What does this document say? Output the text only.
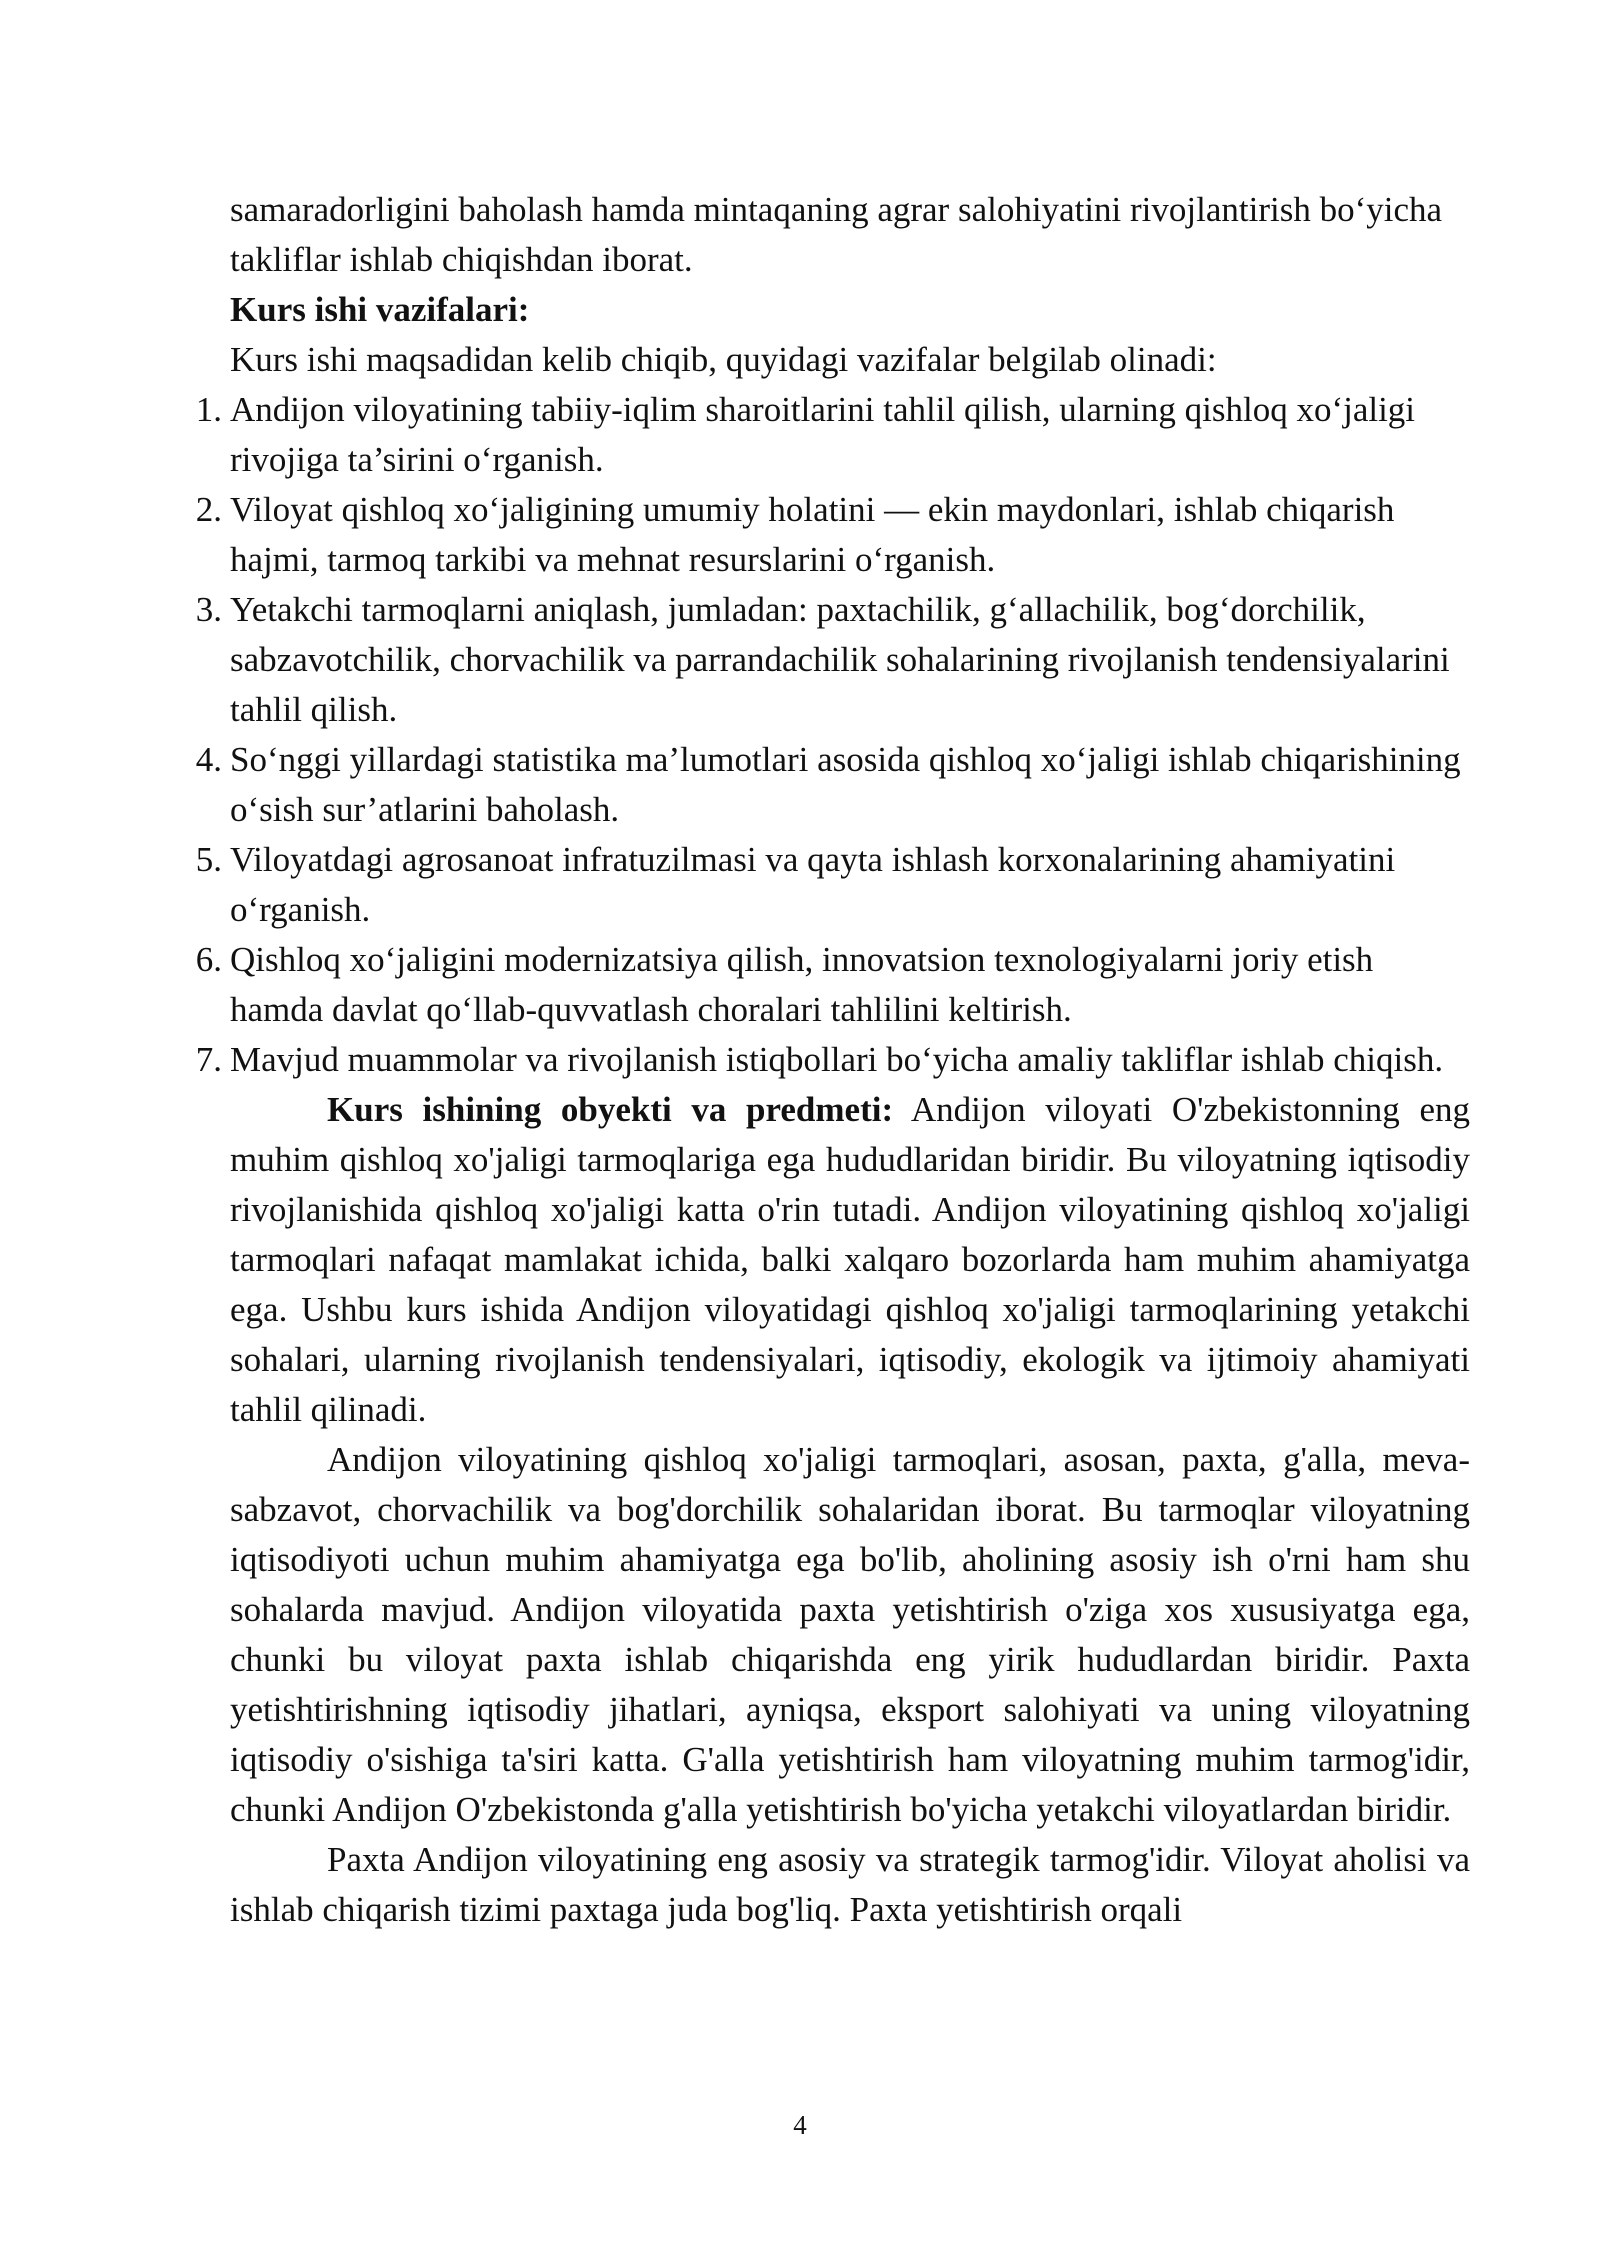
samaradorligini baholash hamda mintaqaning agrar salohiyatini rivojlantirish bo‘yicha takliflar ishlab chiqishdan iborat.

Kurs ishi vazifalari:

Kurs ishi maqsadidan kelib chiqib, quyidagi vazifalar belgilab olinadi:

1. Andijon viloyatining tabiiy-iqlim sharoitlarini tahlil qilish, ularning qishloq xo‘jaligi rivojiga ta’sirini o‘rganish.
2. Viloyat qishloq xo‘jaligining umumiy holatini — ekin maydonlari, ishlab chiqarish hajmi, tarmoq tarkibi va mehnat resurslarini o‘rganish.
3. Yetakchi tarmoqlarni aniqlash, jumladan: paxtachilik, g‘allachilik, bog‘dorchilik, sabzavotchilik, chorvachilik va parrandachilik sohalarining rivojlanish tendensiyalarini tahlil qilish.
4. So‘nggi yillardagi statistika ma’lumotlari asosida qishloq xo‘jaligi ishlab chiqarishining o‘sish sur’atlarini baholash.
5. Viloyatdagi agrosanoat infratuzilmasi va qayta ishlash korxonalarining ahamiyatini o‘rganish.
6. Qishloq xo‘jaligini modernizatsiya qilish, innovatsion texnologiyalarni joriy etish hamda davlat qo‘llab-quvvatlash choralari tahlilini keltirish.
7. Mavjud muammolar va rivojlanish istiqbollari bo‘yicha amaliy takliflar ishlab chiqish.

Kurs ishining obyekti va predmeti: Andijon viloyati O'zbekistonning eng muhim qishloq xo'jaligi tarmoqlariga ega hududlaridan biridir. Bu viloyatning iqtisodiy rivojlanishida qishloq xo'jaligi katta o'rin tutadi. Andijon viloyatining qishloq xo'jaligi tarmoqlari nafaqat mamlakat ichida, balki xalqaro bozorlarda ham muhim ahamiyatga ega. Ushbu kurs ishida Andijon viloyatidagi qishloq xo'jaligi tarmoqlarining yetakchi sohalari, ularning rivojlanish tendensiyalari, iqtisodiy, ekologik va ijtimoiy ahamiyati tahlil qilinadi.

Andijon viloyatining qishloq xo'jaligi tarmoqlari, asosan, paxta, g'alla, meva-sabzavot, chorvachilik va bog'dorchilik sohalaridan iborat. Bu tarmoqlar viloyatning iqtisodiyoti uchun muhim ahamiyatga ega bo'lib, aholining asosiy ish o'rni ham shu sohalarda mavjud. Andijon viloyatida paxta yetishtirish o'ziga xos xususiyatga ega, chunki bu viloyat paxta ishlab chiqarishda eng yirik hududlardan biridir. Paxta yetishtirishning iqtisodiy jihatlari, ayniqsa, eksport salohiyati va uning viloyatning iqtisodiy o'sishiga ta'siri katta. G'alla yetishtirish ham viloyatning muhim tarmog'idir, chunki Andijon O'zbekistonda g'alla yetishtirish bo'yicha yetakchi viloyatlardan biridir.

Paxta Andijon viloyatining eng asosiy va strategik tarmog'idir. Viloyat aholisi va ishlab chiqarish tizimi paxtaga juda bog'liq. Paxta yetishtirish orqali

4
